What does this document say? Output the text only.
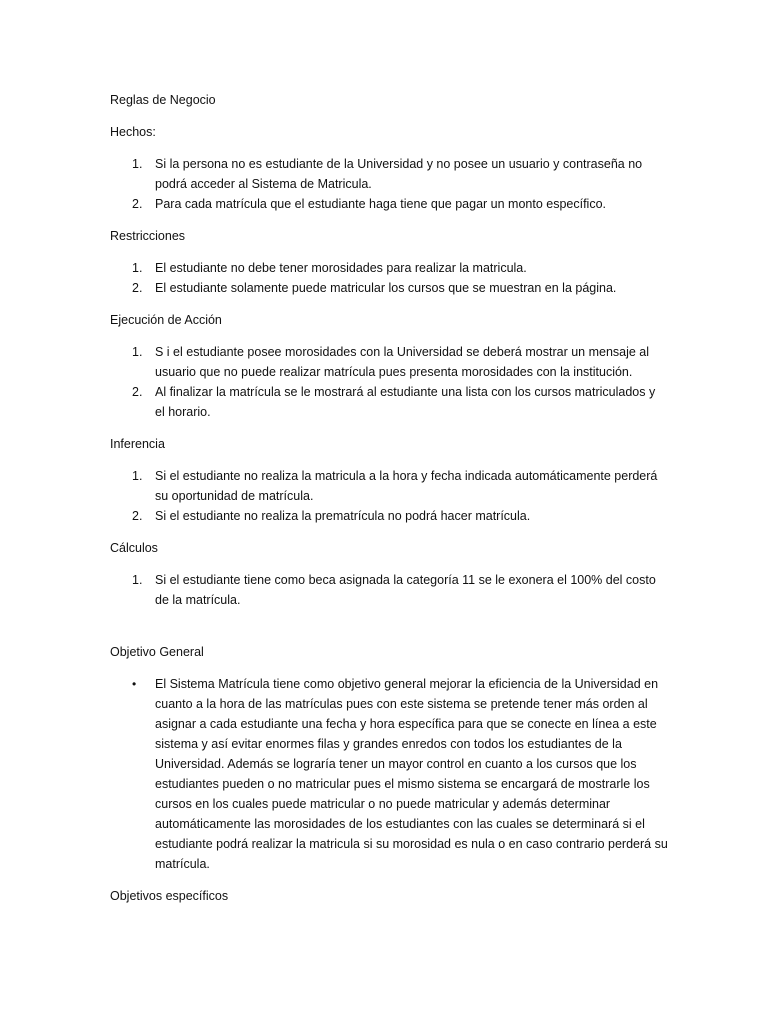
Reglas de Negocio

Hechos:

1. Si la persona no es estudiante de la Universidad y no posee un usuario y contraseña no podrá acceder al Sistema de Matricula.
2. Para cada matrícula que el estudiante haga tiene que pagar un monto específico.

Restricciones

1. El estudiante no debe tener morosidades para realizar la matricula.
2. El estudiante solamente puede matricular los cursos que se muestran en la página.

Ejecución de Acción

1. S i el estudiante posee morosidades con la Universidad se deberá mostrar un mensaje al usuario que no puede realizar matrícula pues presenta morosidades con la institución.
2. Al finalizar la matrícula se le mostrará al estudiante una lista con los cursos matriculados y el horario.

Inferencia

1. Si el estudiante no realiza la matricula a la hora y fecha indicada automáticamente perderá su oportunidad de matrícula.
2. Si el estudiante no realiza la prematrícula no podrá hacer matrícula.

Cálculos

1. Si el estudiante tiene como beca asignada la categoría 11 se le exonera el 100% del costo de la matrícula.

Objetivo General

• El Sistema Matrícula tiene como objetivo general mejorar la eficiencia de la Universidad en cuanto a la hora de las matrículas pues con este sistema se pretende tener más orden al asignar a cada estudiante una fecha y hora específica para que se conecte en línea a este sistema y así evitar enormes filas y grandes enredos con todos los estudiantes de la Universidad. Además se lograría tener un mayor control en cuanto a los cursos que los estudiantes pueden o no matricular pues el mismo sistema se encargará de mostrarle los cursos en los cuales puede matricular o no puede matricular y además determinar automáticamente las morosidades de los estudiantes con las cuales se determinará si el estudiante podrá realizar la matricula si su morosidad es nula o en caso contrario perderá su matrícula.

Objetivos específicos
